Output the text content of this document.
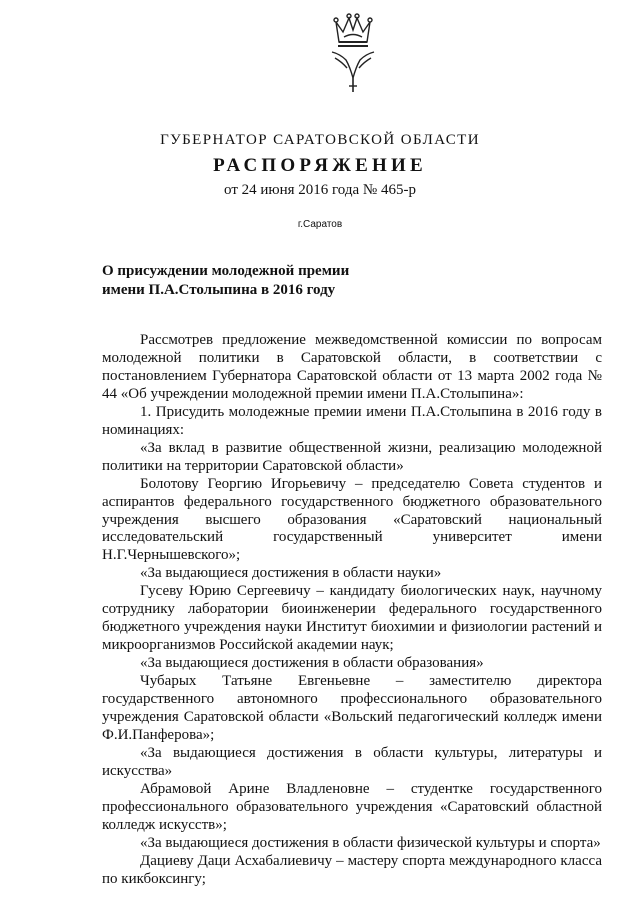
ГУБЕРНАТОР САРАТОВСКОЙ ОБЛАСТИ
РАСПОРЯЖЕНИЕ
от 24 июня 2016 года № 465-р
г.Саратов
О присуждении молодежной премии
имени П.А.Столыпина в 2016 году

Рассмотрев предложение межведомственной комиссии по вопросам молодежной политики в Саратовской области, в соответствии с постановлением Губернатора Саратовской области от 13 марта 2002 года № 44 «Об учреждении молодежной премии имени П.А.Столыпина»:

1. Присудить молодежные премии имени П.А.Столыпина в 2016 году в номинациях:

«За вклад в развитие общественной жизни, реализацию молодежной политики на территории Саратовской области»

Болотову Георгию Игорьевичу – председателю Совета студентов и аспирантов федерального государственного бюджетного образовательного учреждения высшего образования «Саратовский национальный исследовательский государственный университет имени Н.Г.Чернышевского»;

«За выдающиеся достижения в области науки»

Гусеву Юрию Сергеевичу – кандидату биологических наук, научному сотруднику лаборатории биоинженерии федерального государственного бюджетного учреждения науки Институт биохимии и физиологии растений и микроорганизмов Российской академии наук;

«За выдающиеся достижения в области образования»

Чубарых Татьяне Евгеньевне – заместителю директора государственного автономного профессионального образовательного учреждения Саратовской области «Вольский педагогический колледж имени Ф.И.Панферова»;

«За выдающиеся достижения в области культуры, литературы и искусства»

Абрамовой Арине Владленовне – студентке государственного профессионального образовательного учреждения «Саратовский областной колледж искусств»;

«За выдающиеся достижения в области физической культуры и спорта»

Дациеву Даци Асхабалиевичу – мастеру спорта международного класса по кикбоксингу;
